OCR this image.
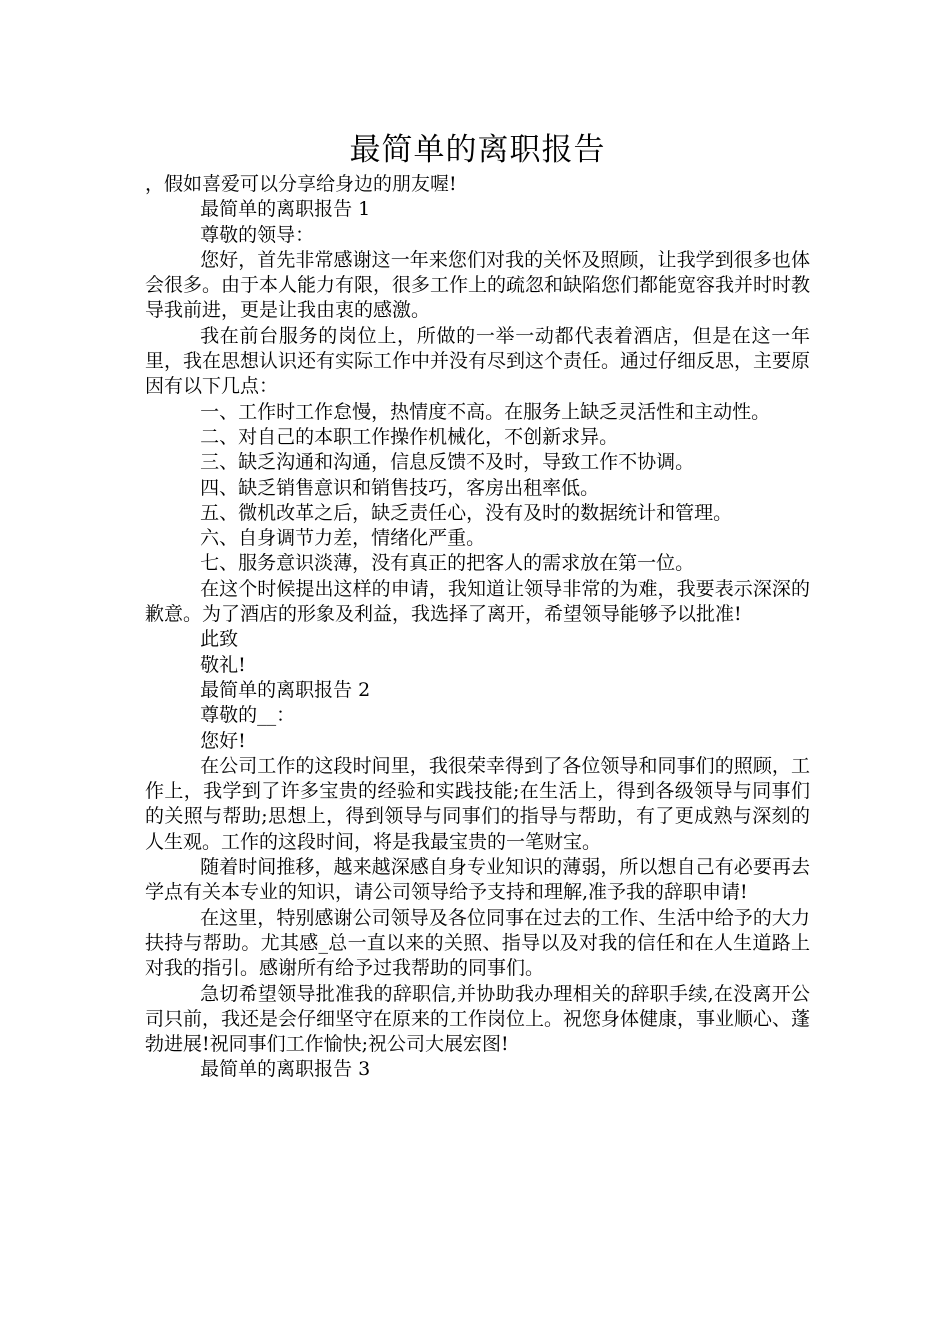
最简单的离职报告

，假如喜爱可以分享给身边的朋友喔!

最简单的离职报告 1

尊敬的领导：

您好，首先非常感谢这一年来您们对我的关怀及照顾，让我学到很多也体会很多。由于本人能力有限，很多工作上的疏忽和缺陷您们都能宽容我并时时教导我前进，更是让我由衷的感激。

我在前台服务的岗位上，所做的一举一动都代表着酒店，但是在这一年里，我在思想认识还有实际工作中并没有尽到这个责任。通过仔细反思，主要原因有以下几点：

一、工作时工作怠慢，热情度不高。在服务上缺乏灵活性和主动性。

二、对自己的本职工作操作机械化，不创新求异。

三、缺乏沟通和沟通，信息反馈不及时，导致工作不协调。

四、缺乏销售意识和销售技巧，客房出租率低。

五、微机改革之后，缺乏责任心，没有及时的数据统计和管理。

六、自身调节力差，情绪化严重。

七、服务意识淡薄，没有真正的把客人的需求放在第一位。

在这个时候提出这样的申请，我知道让领导非常的为难，我要表示深深的歉意。为了酒店的形象及利益，我选择了离开，希望领导能够予以批准!

此致

敬礼!

最简单的离职报告 2

尊敬的__：

您好!

在公司工作的这段时间里，我很荣幸得到了各位领导和同事们的照顾，工作上，我学到了许多宝贵的经验和实践技能;在生活上，得到各级领导与同事们的关照与帮助;思想上，得到领导与同事们的指导与帮助，有了更成熟与深刻的人生观。工作的这段时间，将是我最宝贵的一笔财宝。

随着时间推移，越来越深感自身专业知识的薄弱，所以想自己有必要再去学点有关本专业的知识，请公司领导给予支持和理解,准予我的辞职申请!

在这里，特别感谢公司领导及各位同事在过去的工作、生活中给予的大力扶持与帮助。尤其感_总一直以来的关照、指导以及对我的信任和在人生道路上对我的指引。感谢所有给予过我帮助的同事们。

急切希望领导批准我的辞职信,并协助我办理相关的辞职手续,在没离开公司只前，我还是会仔细坚守在原来的工作岗位上。祝您身体健康，事业顺心、蓬勃进展!祝同事们工作愉快;祝公司大展宏图!

最简单的离职报告 3
